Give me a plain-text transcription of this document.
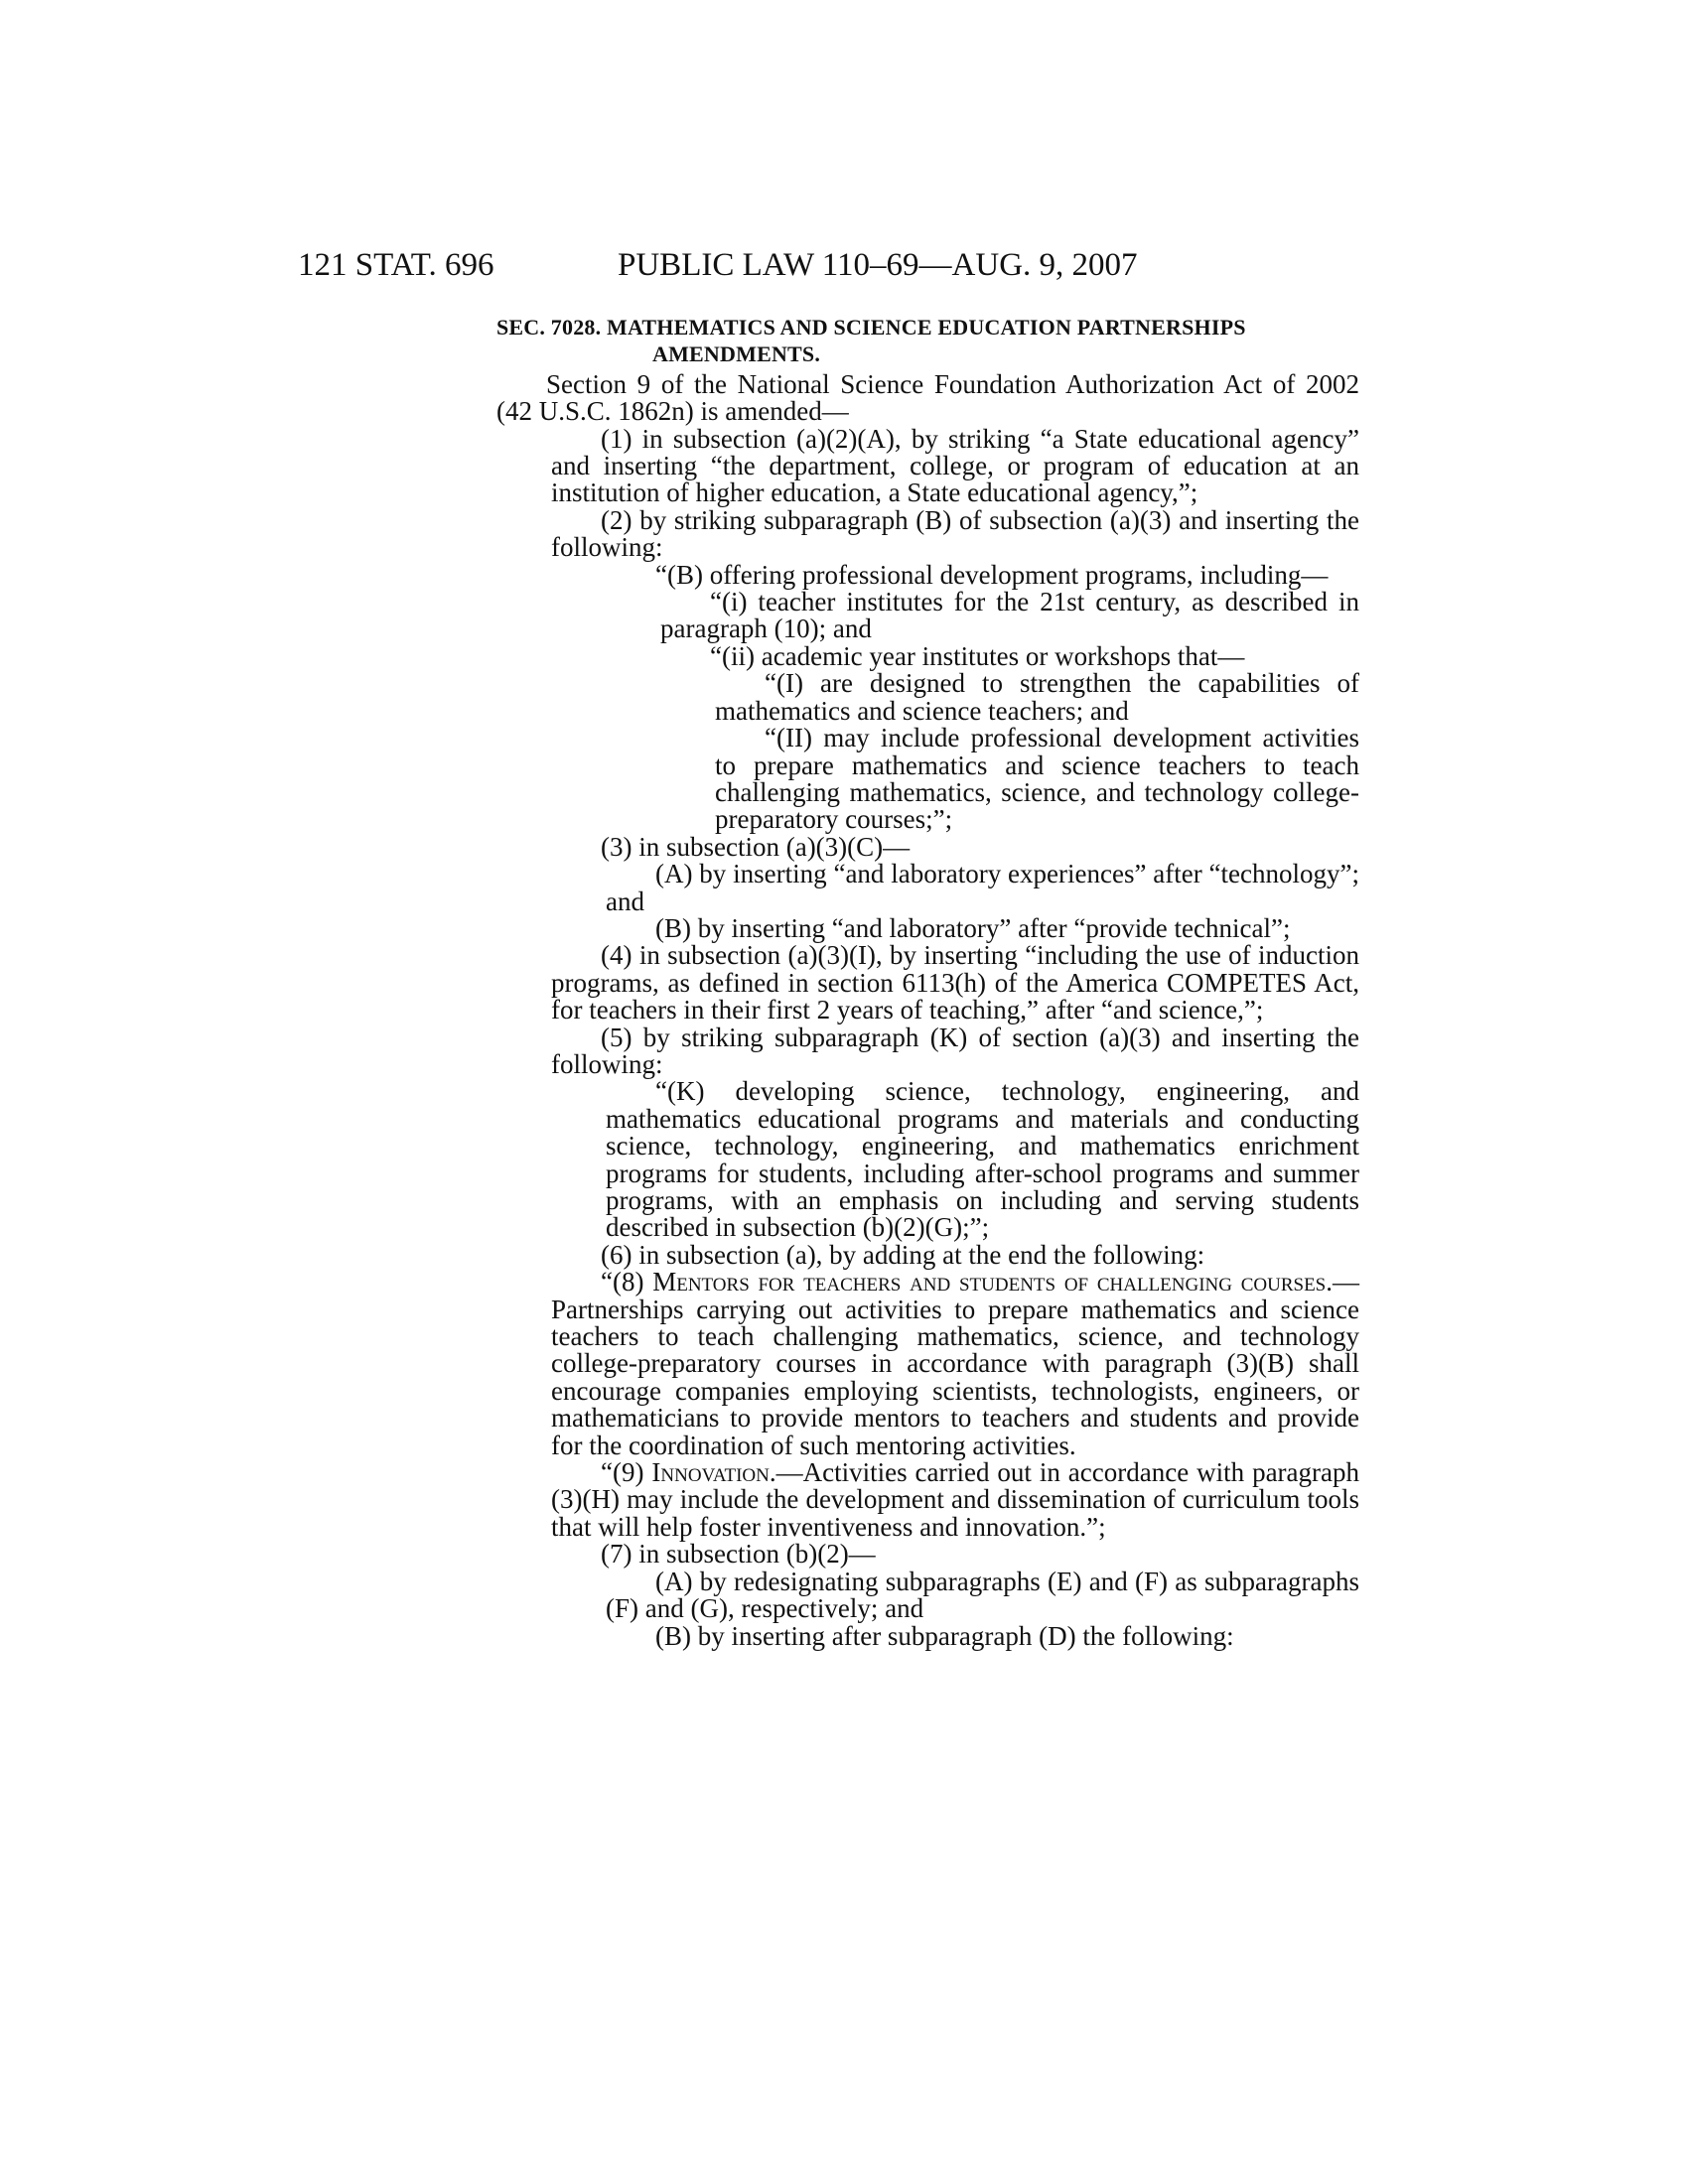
121 STAT. 696	PUBLIC LAW 110–69—AUG. 9, 2007
SEC. 7028. MATHEMATICS AND SCIENCE EDUCATION PARTNERSHIPS AMENDMENTS.

Section 9 of the National Science Foundation Authorization Act of 2002 (42 U.S.C. 1862n) is amended—

(1) in subsection (a)(2)(A), by striking “a State educational agency” and inserting “the department, college, or program of education at an institution of higher education, a State educational agency,”;

(2) by striking subparagraph (B) of subsection (a)(3) and inserting the following:

“(B) offering professional development programs, including—

“(i) teacher institutes for the 21st century, as described in paragraph (10); and

“(ii) academic year institutes or workshops that—

“(I) are designed to strengthen the capabilities of mathematics and science teachers; and

“(II) may include professional development activities to prepare mathematics and science teachers to teach challenging mathematics, science, and technology college-preparatory courses;”;

(3) in subsection (a)(3)(C)—

(A) by inserting “and laboratory experiences” after “technology”; and

(B) by inserting “and laboratory” after “provide technical”;

(4) in subsection (a)(3)(I), by inserting “including the use of induction programs, as defined in section 6113(h) of the America COMPETES Act, for teachers in their first 2 years of teaching,” after “and science,”;

(5) by striking subparagraph (K) of section (a)(3) and inserting the following:

“(K) developing science, technology, engineering, and mathematics educational programs and materials and conducting science, technology, engineering, and mathematics enrichment programs for students, including after-school programs and summer programs, with an emphasis on including and serving students described in subsection (b)(2)(G);”;

(6) in subsection (a), by adding at the end the following:

“(8) Mentors for teachers and students of challenging courses.—Partnerships carrying out activities to prepare mathematics and science teachers to teach challenging mathematics, science, and technology college-preparatory courses in accordance with paragraph (3)(B) shall encourage companies employing scientists, technologists, engineers, or mathematicians to provide mentors to teachers and students and provide for the coordination of such mentoring activities.

“(9) Innovation.—Activities carried out in accordance with paragraph (3)(H) may include the development and dissemination of curriculum tools that will help foster inventiveness and innovation.”;

(7) in subsection (b)(2)—

(A) by redesignating subparagraphs (E) and (F) as subparagraphs (F) and (G), respectively; and

(B) by inserting after subparagraph (D) the following:
